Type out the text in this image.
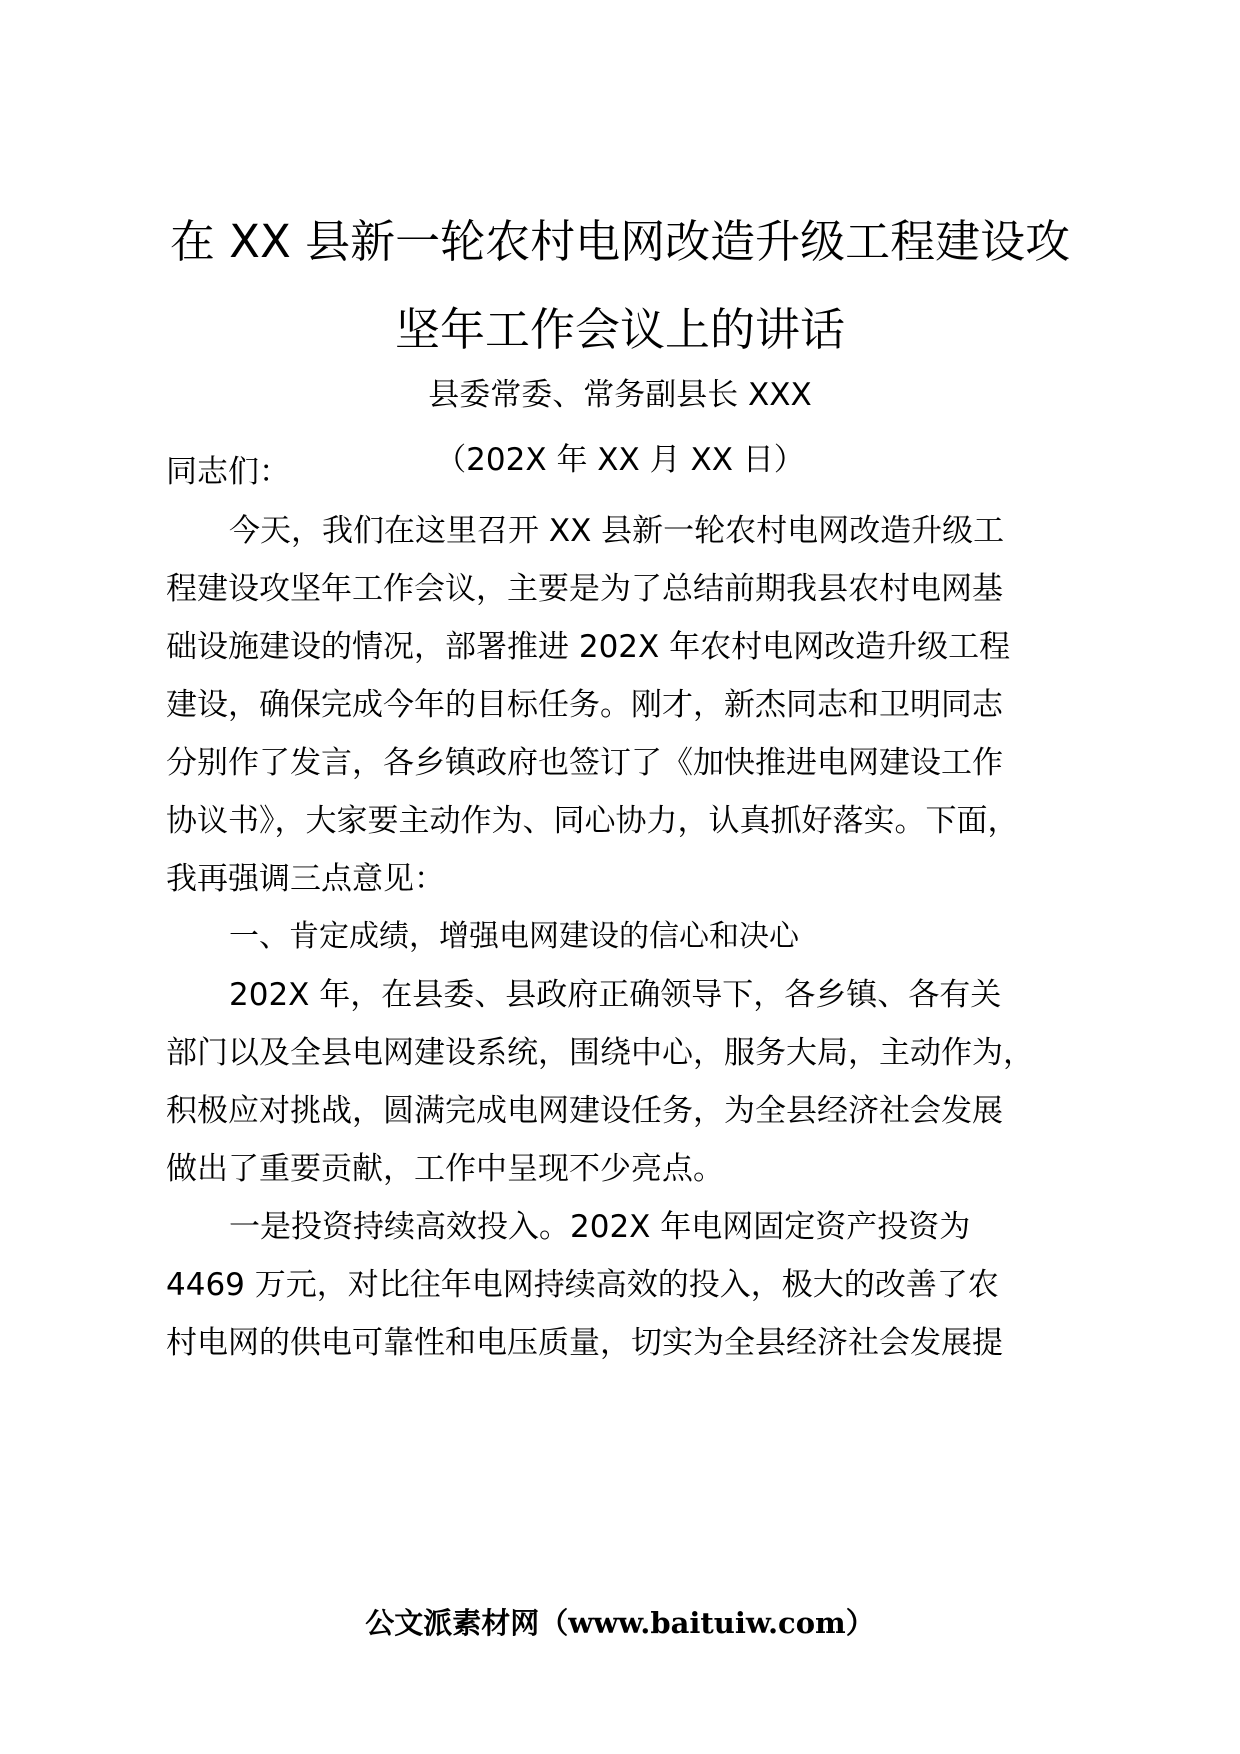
在 XX 县新一轮农村电网改造升级工程建设攻
坚年工作会议上的讲话
县委常委、常务副县长 XXX
（202X 年 XX 月 XX 日）
同志们：
今天，我们在这里召开 XX 县新一轮农村电网改造升级工
程建设攻坚年工作会议，主要是为了总结前期我县农村电网基
础设施建设的情况，部署推进 202X 年农村电网改造升级工程
建设，确保完成今年的目标任务。刚才，新杰同志和卫明同志
分别作了发言，各乡镇政府也签订了《加快推进电网建设工作
协议书》，大家要主动作为、同心协力，认真抓好落实。下面，
我再强调三点意见：
一、肯定成绩，增强电网建设的信心和决心
202X 年，在县委、县政府正确领导下，各乡镇、各有关
部门以及全县电网建设系统，围绕中心，服务大局，主动作为，
积极应对挑战，圆满完成电网建设任务，为全县经济社会发展
做出了重要贡献，工作中呈现不少亮点。
一是投资持续高效投入。202X 年电网固定资产投资为
4469 万元，对比往年电网持续高效的投入，极大的改善了农
村电网的供电可靠性和电压质量，切实为全县经济社会发展提
公文派素材网（www.baituiw.com）
